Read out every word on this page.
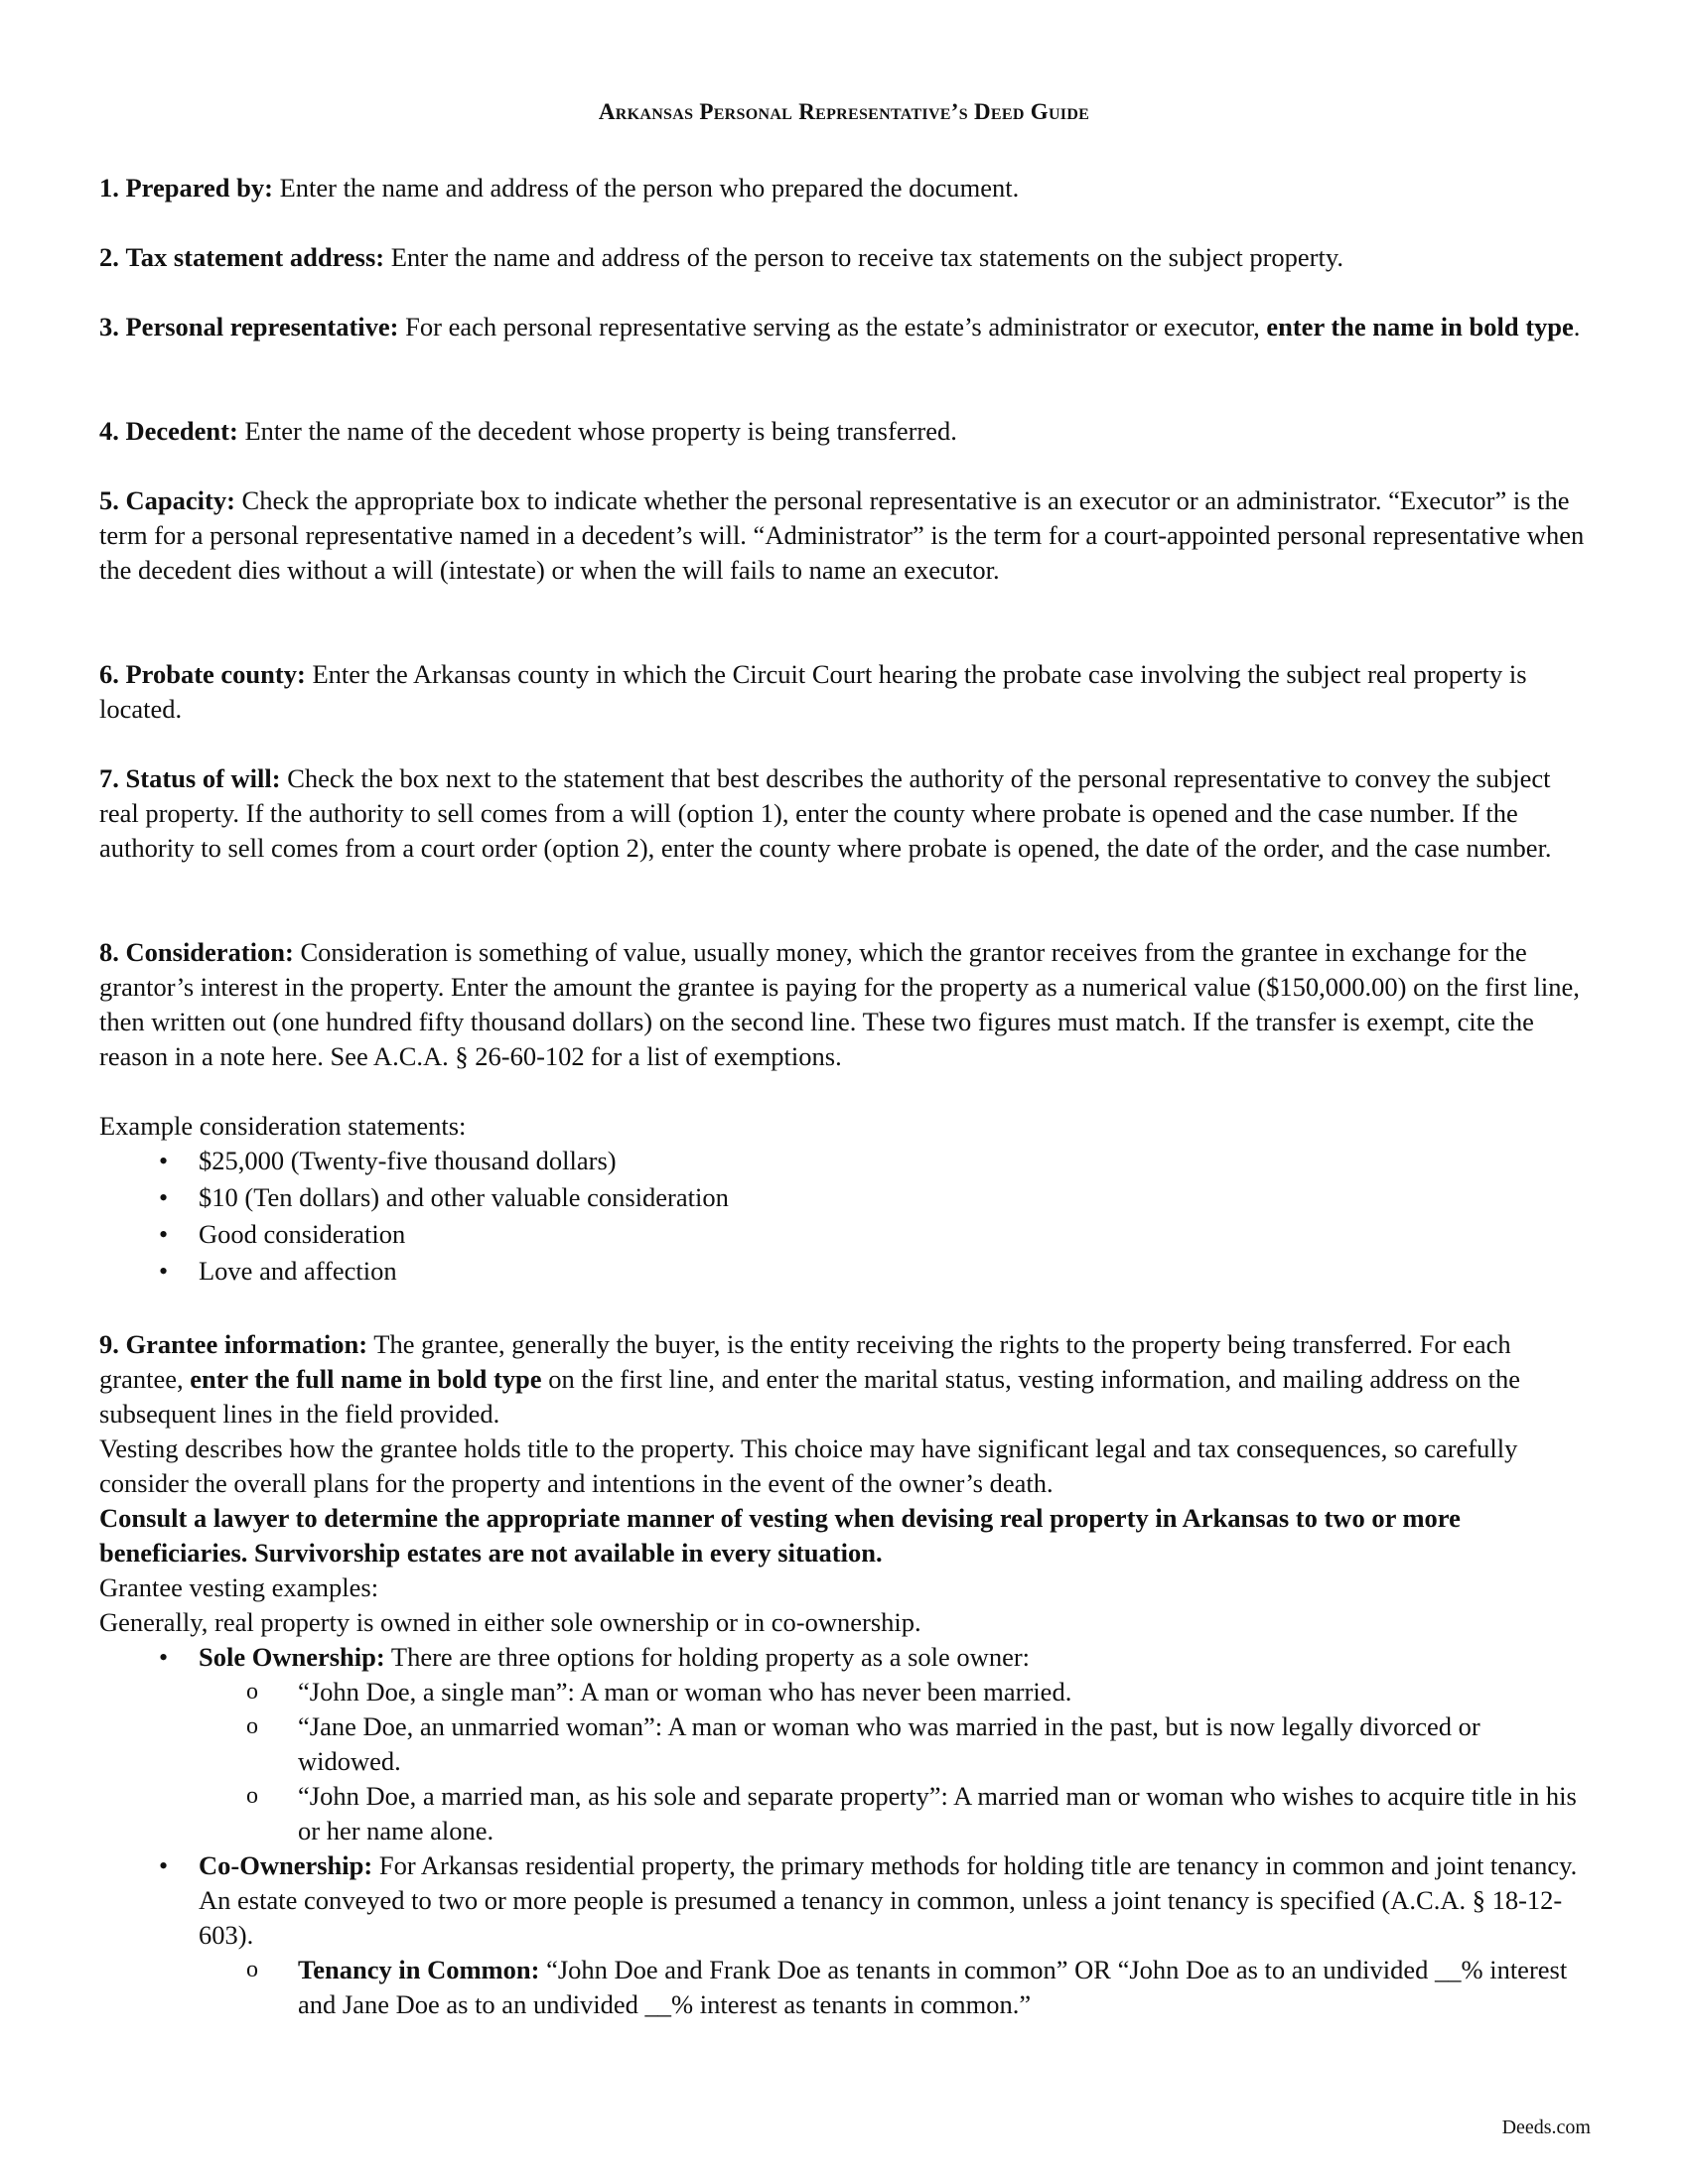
Arkansas Personal Representative’s Deed Guide
1. Prepared by: Enter the name and address of the person who prepared the document.
2. Tax statement address: Enter the name and address of the person to receive tax statements on the subject property.
3. Personal representative: For each personal representative serving as the estate’s administrator or executor, enter the name in bold type.
4. Decedent: Enter the name of the decedent whose property is being transferred.
5. Capacity: Check the appropriate box to indicate whether the personal representative is an executor or an administrator. “Executor” is the term for a personal representative named in a decedent’s will. “Administrator” is the term for a court-appointed personal representative when the decedent dies without a will (intestate) or when the will fails to name an executor.
6. Probate county: Enter the Arkansas county in which the Circuit Court hearing the probate case involving the subject real property is located.
7. Status of will: Check the box next to the statement that best describes the authority of the personal representative to convey the subject real property. If the authority to sell comes from a will (option 1), enter the county where probate is opened and the case number. If the authority to sell comes from a court order (option 2), enter the county where probate is opened, the date of the order, and the case number.
8. Consideration: Consideration is something of value, usually money, which the grantor receives from the grantee in exchange for the grantor’s interest in the property. Enter the amount the grantee is paying for the property as a numerical value ($150,000.00) on the first line, then written out (one hundred fifty thousand dollars) on the second line. These two figures must match. If the transfer is exempt, cite the reason in a note here. See A.C.A. § 26-60-102 for a list of exemptions.
Example consideration statements:
• $25,000 (Twenty-five thousand dollars)
• $10 (Ten dollars) and other valuable consideration
• Good consideration
• Love and affection
9. Grantee information: The grantee, generally the buyer, is the entity receiving the rights to the property being transferred. For each grantee, enter the full name in bold type on the first line, and enter the marital status, vesting information, and mailing address on the subsequent lines in the field provided.
Vesting describes how the grantee holds title to the property. This choice may have significant legal and tax consequences, so carefully consider the overall plans for the property and intentions in the event of the owner’s death.
Consult a lawyer to determine the appropriate manner of vesting when devising real property in Arkansas to two or more beneficiaries. Survivorship estates are not available in every situation.
Grantee vesting examples:
Generally, real property is owned in either sole ownership or in co-ownership.
• Sole Ownership: There are three options for holding property as a sole owner:
o “John Doe, a single man”: A man or woman who has never been married.
o “Jane Doe, an unmarried woman”: A man or woman who was married in the past, but is now legally divorced or widowed.
o “John Doe, a married man, as his sole and separate property”: A married man or woman who wishes to acquire title in his or her name alone.
• Co-Ownership: For Arkansas residential property, the primary methods for holding title are tenancy in common and joint tenancy. An estate conveyed to two or more people is presumed a tenancy in common, unless a joint tenancy is specified (A.C.A. § 18-12-603).
o Tenancy in Common: “John Doe and Frank Doe as tenants in common” OR “John Doe as to an undivided __% interest and Jane Doe as to an undivided __% interest as tenants in common.”
Deeds.com
